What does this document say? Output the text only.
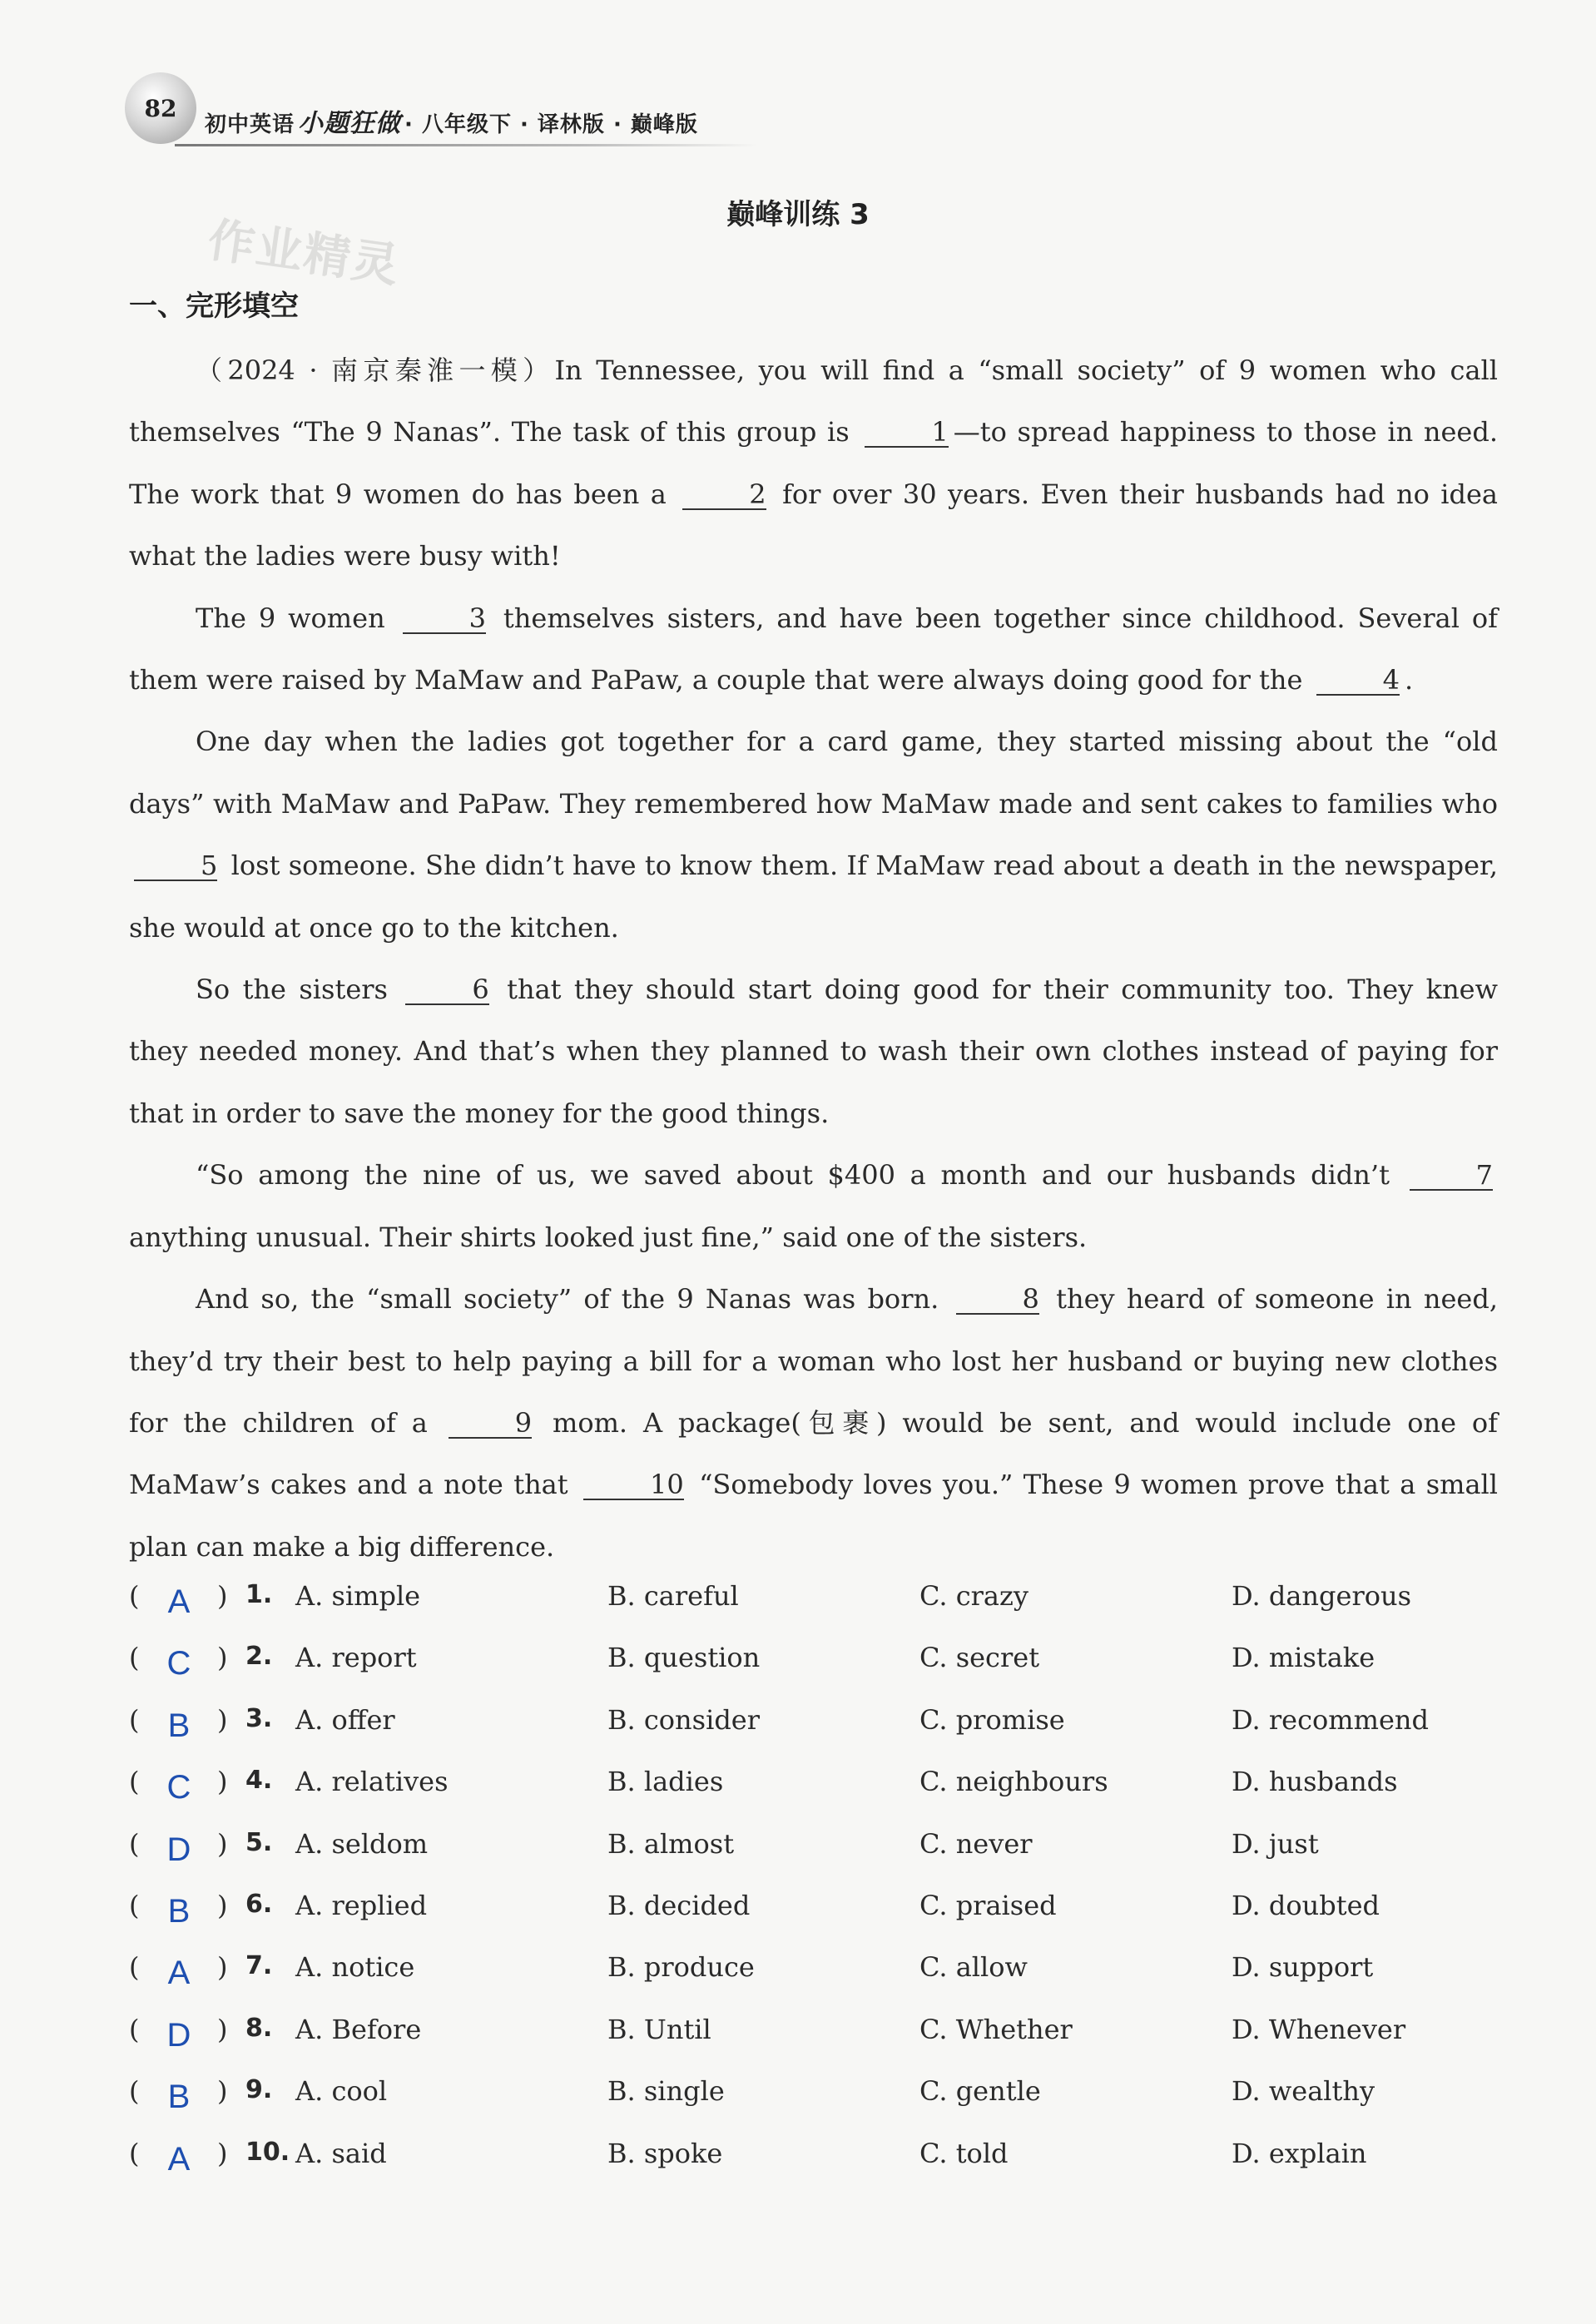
82
初中英语 小题狂做 · 八年级下 · 译林版 · 巅峰版
作业精灵	巅峰训练 3
一、完形填空

（2024 · 南京秦淮一模）In Tennessee, you will find a “small society” of 9 women who call themselves “The 9 Nanas”. The task of this group is	1 —to spread happiness to those in need. The work that 9 women do has been a	2 for over 30 years. Even their husbands had no idea what the ladies were busy with!

The 9 women	3 themselves sisters, and have been together since childhood. Several of them were raised by MaMaw and PaPaw, a couple that were always doing good for the	4 .

One day when the ladies got together for a card game, they started missing about the “old days” with MaMaw and PaPaw. They remembered how MaMaw made and sent cakes to families who 5 lost someone. She didn’t have to know them. If MaMaw read about a death in the newspaper, she would at once go to the kitchen.

So the sisters	6 that they should start doing good for their community too. They knew they needed money. And that’s when they planned to wash their own clothes instead of paying for that in order to save the money for the good things.

“So among the nine of us, we saved about $400 a month and our husbands didn’t	7 anything unusual. Their shirts looked just fine,” said one of the sisters.

And so, the “small society” of the 9 Nanas was born.	8 they heard of someone in need, they’d try their best to help paying a bill for a woman who lost her husband or buying new clothes for the children of a	9 mom. A package(包裹) would be sent, and would include one of MaMaw’s cakes and a note that	10 “Somebody loves you.” These 9 women prove that a small plan can make a big difference.

( A ) 1. A. simple	B. careful	C. crazy	D. dangerous
( C ) 2. A. report	B. question	C. secret	D. mistake
( B ) 3. A. offer	B. consider	C. promise	D. recommend
( C ) 4. A. relatives	B. ladies	C. neighbours	D. husbands
( D ) 5. A. seldom	B. almost	C. never	D. just
( B ) 6. A. replied	B. decided	C. praised	D. doubted
( A ) 7. A. notice	B. produce	C. allow	D. support
( D ) 8. A. Before	B. Until	C. Whether	D. Whenever
( B ) 9. A. cool	B. single	C. gentle	D. wealthy
( A ) 10. A. said	B. spoke	C. told	D. explain
